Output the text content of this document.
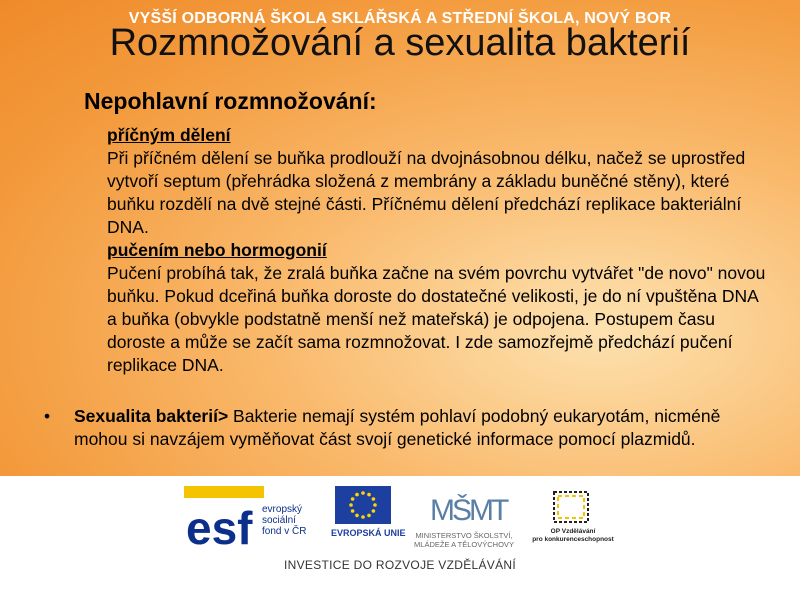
VYŠŠÍ ODBORNÁ ŠKOLA SKLÁŘSKÁ A STŘEDNÍ ŠKOLA, NOVÝ BOR
Rozmnožování a sexualita bakterií
Nepohlavní rozmnožování:

příčným dělení

Při příčném dělení se buňka prodlouží na dvojnásobnou délku, načež se uprostřed vytvoří septum (přehrádka složená z membrány a základu buněčné stěny), které buňku rozdělí na dvě stejné části. Příčnému dělení předchází replikace bakteriální DNA.

pučením nebo hormogonií

Pučení probíhá tak, že zralá buňka začne na svém povrchu vytvářet "de novo" novou buňku. Pokud dceřiná buňka doroste do dostatečné velikosti, je do ní vpuštěna DNA a buňka (obvykle podstatně menší než mateřská) je odpojena. Postupem času doroste a může se začít sama rozmnožovat. I zde samozřejmě předchází pučení replikace DNA.

• Sexualita bakterií> Bakterie nemají systém pohlaví podobný eukaryotám, nicméně mohou si navzájem vyměňovat část svojí genetické informace pomocí plazmidů.
esf evropský
sociální
fond v ČR	EVROPSKÁ UNIE
MŠMT
MINISTERSTVO ŠKOLSTVÍ,
MLÁDEŽE A TĚLOVÝCHOVY
OP Vzdělávání
pro konkurenceschopnost
INVESTICE DO ROZVOJE VZDĚLÁVÁNÍ
